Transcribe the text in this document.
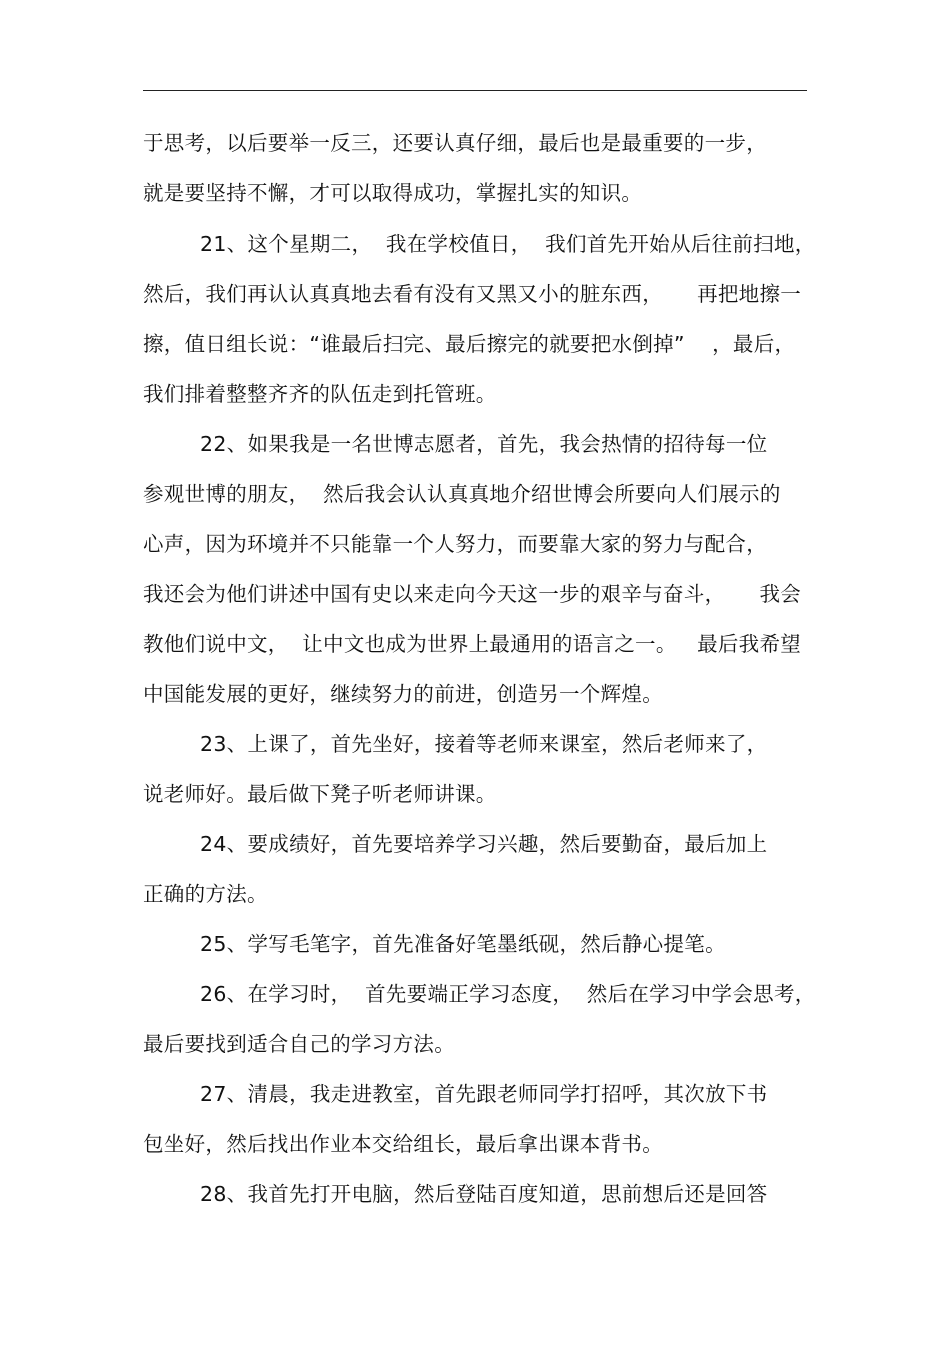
于思考，以后要举一反三，还要认真仔细，最后也是最重要的一步，
就是要坚持不懈，才可以取得成功，掌握扎实的知识。
21、这个星期二，  我在学校值日，  我们首先开始从后往前扫地，
然后，我们再认认真真地去看有没有又黑又小的脏东西，     再把地擦一
擦，值日组长说：“谁最后扫完、最后擦完的就要把水倒掉”    ，最后，
我们排着整整齐齐的队伍走到托管班。
22、如果我是一名世博志愿者，首先，我会热情的招待每一位
参观世博的朋友，  然后我会认认真真地介绍世博会所要向人们展示的
心声，因为环境并不只能靠一个人努力，而要靠大家的努力与配合，
我还会为他们讲述中国有史以来走向今天这一步的艰辛与奋斗，     我会
教他们说中文，  让中文也成为世界上最通用的语言之一。   最后我希望
中国能发展的更好，继续努力的前进，创造另一个辉煌。
23、上课了，首先坐好，接着等老师来课室，然后老师来了，
说老师好。最后做下凳子听老师讲课。
24、要成绩好，首先要培养学习兴趣，然后要勤奋，最后加上
正确的方法。
25、学写毛笔字，首先准备好笔墨纸砚，然后静心提笔。
26、在学习时，  首先要端正学习态度，  然后在学习中学会思考，
最后要找到适合自己的学习方法。
27、清晨，我走进教室，首先跟老师同学打招呼，其次放下书
包坐好，然后找出作业本交给组长，最后拿出课本背书。
28、我首先打开电脑，然后登陆百度知道，思前想后还是回答
